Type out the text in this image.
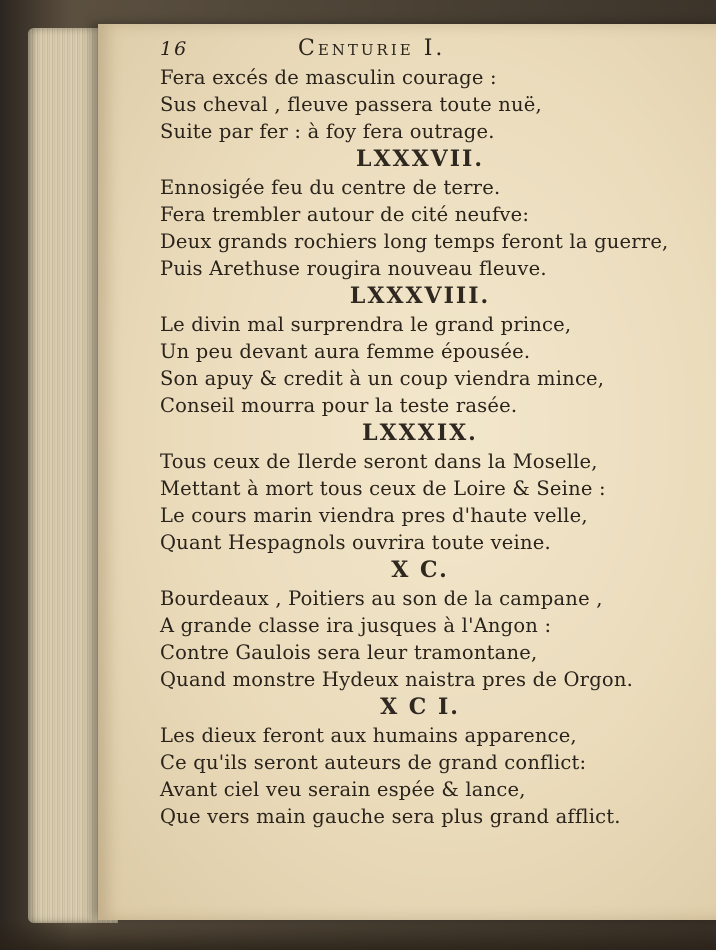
16	Centurie I.
Fera excés de masculin courage :
Sus cheval , fleuve passera toute nuë,
Suite par fer : à foy fera outrage.
LXXXVII.
Ennosigée feu du centre de terre.
Fera trembler autour de cité neufve:
Deux grands rochiers long temps feront la guerre,
Puis Arethuse rougira nouveau fleuve.
LXXXVIII.
Le divin mal surprendra le grand prince,
Un peu devant aura femme épousée.
Son apuy & credit à un coup viendra mince,
Conseil mourra pour la teste rasée.
LXXXIX.
Tous ceux de Ilerde seront dans la Moselle,
Mettant à mort tous ceux de Loire & Seine :
Le cours marin viendra pres d'haute velle,
Quant Hespagnols ouvrira toute veine.
X C.
Bourdeaux , Poitiers au son de la campane ,
A grande classe ira jusques à l'Angon :
Contre Gaulois sera leur tramontane,
Quand monstre Hydeux naistra pres de Orgon.
X C I.
Les dieux feront aux humains apparence,
Ce qu'ils seront auteurs de grand conflict:
Avant ciel veu serain espée & lance,
Que vers main gauche sera plus grand afflict.
